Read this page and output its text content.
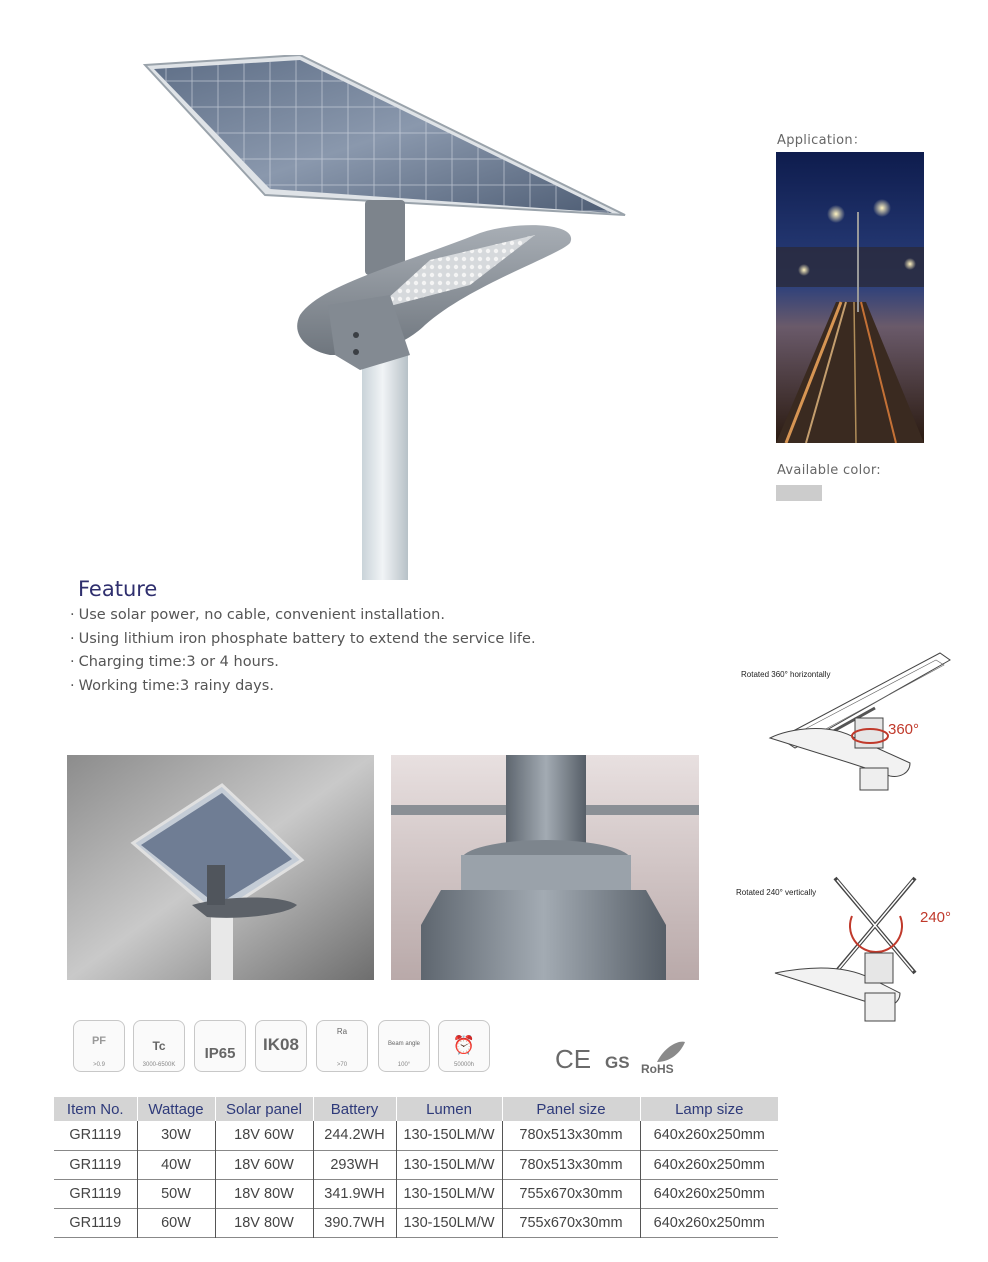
Application：
Available color:
Feature
· Use solar power, no cable, convenient installation.
· Using lithium iron phosphate battery to extend the service life.
· Charging time:3 or 4 hours.
· Working time:3 rainy days.
360°
Rotated 360° horizontally
240°
Rotated 240° vertically
PF
>0.9
Tc
3000-6500K
IP65	IK08
Ra
>70
Beam angle
100°
⏰
50000h	CE GS RoHS
Item No.	Wattage	Solar panel	Battery	Lumen	Panel size	Lamp size
GR1119	30W	18V 60W	244.2WH	130-150LM/W	780x513x30mm	640x260x250mm
GR1119	40W	18V 60W	293WH	130-150LM/W	780x513x30mm	640x260x250mm
GR1119	50W	18V 80W	341.9WH	130-150LM/W	755x670x30mm	640x260x250mm
GR1119	60W	18V 80W	390.7WH	130-150LM/W	755x670x30mm	640x260x250mm
